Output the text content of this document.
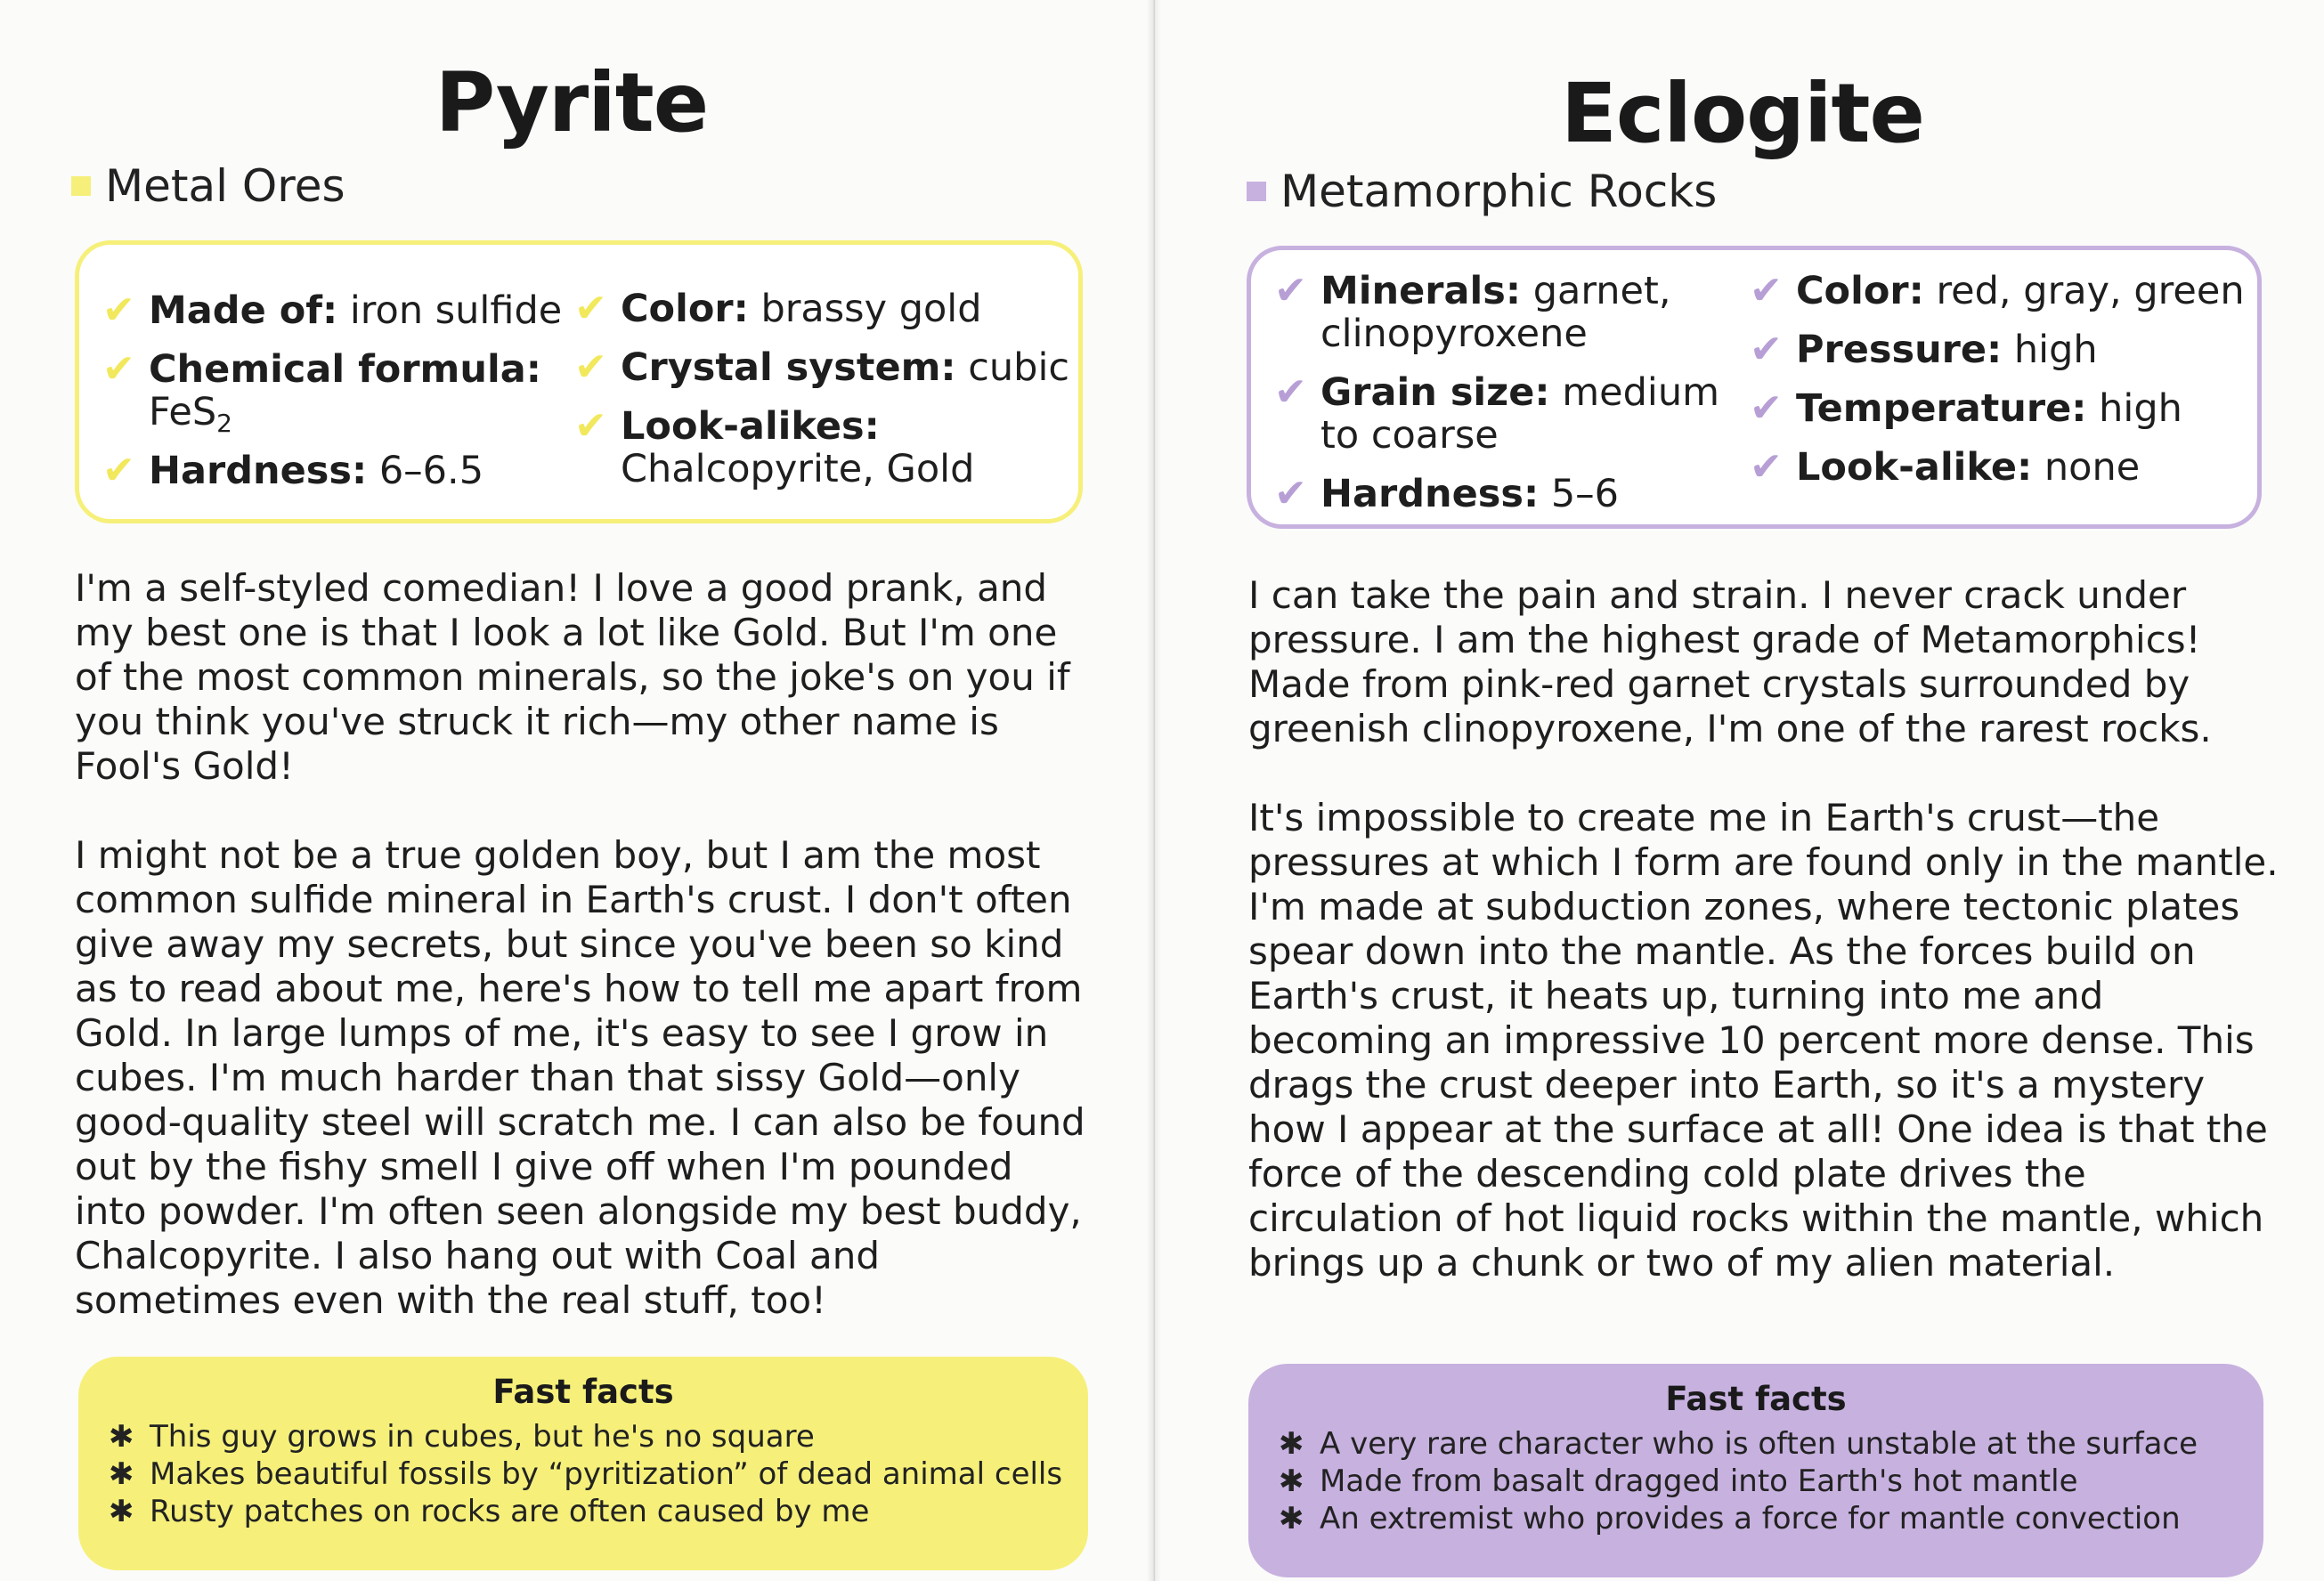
Pyrite
Metal Ores
✔ Made of: iron sulfide
✔ Chemical formula:
FeS$_2$
✔ Hardness: 6–6.5
✔ Color: brassy gold
✔ Crystal system: cubic
✔ Look-alikes:
Chalcopyrite, Gold

I'm a self-styled comedian! I love a good prank, and my best one is that I look a lot like Gold. But I'm one of the most common minerals, so the joke's on you if you think you've struck it rich—my other name is Fool's Gold!

I might not be a true golden boy, but I am the most common sulfide mineral in Earth's crust. I don't often give away my secrets, but since you've been so kind as to read about me, here's how to tell me apart from Gold. In large lumps of me, it's easy to see I grow in cubes. I'm much harder than that sissy Gold—only good-quality steel will scratch me. I can also be found out by the fishy smell I give off when I'm pounded into powder. I'm often seen alongside my best buddy, Chalcopyrite. I also hang out with Coal and sometimes even with the real stuff, too!

Fast facts
✱ This guy grows in cubes, but he's no square
✱ Makes beautiful fossils by “pyritization” of dead animal cells
✱ Rusty patches on rocks are often caused by me
Eclogite
Metamorphic Rocks
✔ Minerals: garnet, clinopyroxene
✔ Grain size: medium to coarse
✔ Hardness: 5–6
✔ Color: red, gray, green
✔ Pressure: high
✔ Temperature: high
✔ Look-alike: none

I can take the pain and strain. I never crack under pressure. I am the highest grade of Metamorphics! Made from pink-red garnet crystals surrounded by greenish clinopyroxene, I'm one of the rarest rocks.

It's impossible to create me in Earth's crust—the pressures at which I form are found only in the mantle. I'm made at subduction zones, where tectonic plates spear down into the mantle. As the forces build on Earth's crust, it heats up, turning into me and becoming an impressive 10 percent more dense. This drags the crust deeper into Earth, so it's a mystery how I appear at the surface at all! One idea is that the force of the descending cold plate drives the circulation of hot liquid rocks within the mantle, which brings up a chunk or two of my alien material.

Fast facts
✱ A very rare character who is often unstable at the surface
✱ Made from basalt dragged into Earth's hot mantle
✱ An extremist who provides a force for mantle convection
